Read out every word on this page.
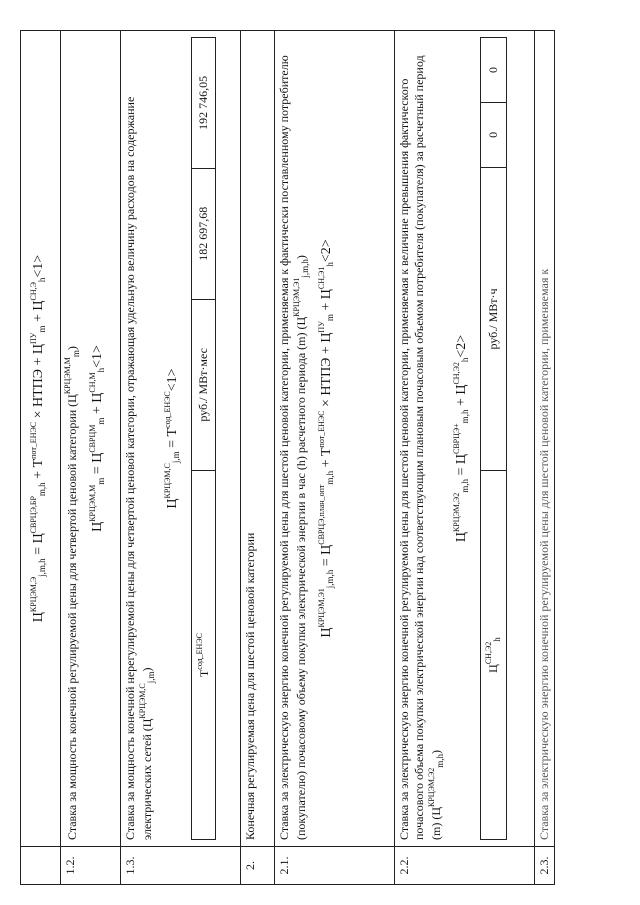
$Ц^{КРЦЭМ,Э}_{j,m,h} = Ц^{СВРЦЭ,БР}_{m,h} + Т^{пот\_ЕНЭС}$ × НТПЭ + $Ц^{ПУ}_m + Ц^{СН,Э}_h<1>$

1.2.	
Ставка за мощность конечной регулируемой цены для четвертой ценовой категории $(Ц^{КРЦЭМ,М}_m)$
$Ц^{КРЦЭМ,М}_m = Ц^{СВРЦМ}_m + Ц^{СН,М}_h<1>$

1.3.	
Ставка за мощность конечной нерегулируемой цены для четвертой ценовой категории, отражающая удельную величину расходов на содержание электрических сетей $(Ц^{КРЦЭМ,С}_{j,m})$
$Ц^{КРЦЭМ,С}_{j,m} = Т^{сод\_ЕНЭС}<1>$
$Т^{сод\_ЕНЭС}$	руб./ МВт·мес	182 697,68	192 746,05

2.	
Конечная регулируемая цена для шестой ценовой категории

2.1.	
Ставка за электрическую энергию конечной регулируемой цены для шестой ценовой категории, применяемая к фактически поставленному потребителю (покупателю) почасовому объему покупки электрической энергии в час (h) расчетного периода (m) $(Ц^{КРЦЭМ,Э1}_{j,m,h})$
$Ц^{КРЦЭМ,Э1}_{j,m,h} = Ц^{СВРЦЭ,план\_опт}_{m,h} + Т^{пот\_ЕНЭС}$ × НТПЭ + $Ц^{ПУ}_m + Ц^{СН,Э1}_h<2>$

2.2.	
Ставка за электрическую энергию конечной регулируемой цены для шестой ценовой категории, применяемая к величине превышения фактического почасового объема покупки электрической энергии над соответствующим плановым почасовым объемом потребителя (покупателя) за расчетный период (m) $(Ц^{КРЦЭМ,Э2}_{m,h})$
$Ц^{КРЦЭМ,Э2}_{m,h} = Ц^{СВРЦЭ+}_{m,h} + Ц^{СН,Э2}_h<2>$
$Ц^{СН,Э2}_h$	руб./ МВт·ч	0	0

2.3.	
Ставка за электрическую энергию конечной регулируемой цены для шестой ценовой категории, применяемая к
